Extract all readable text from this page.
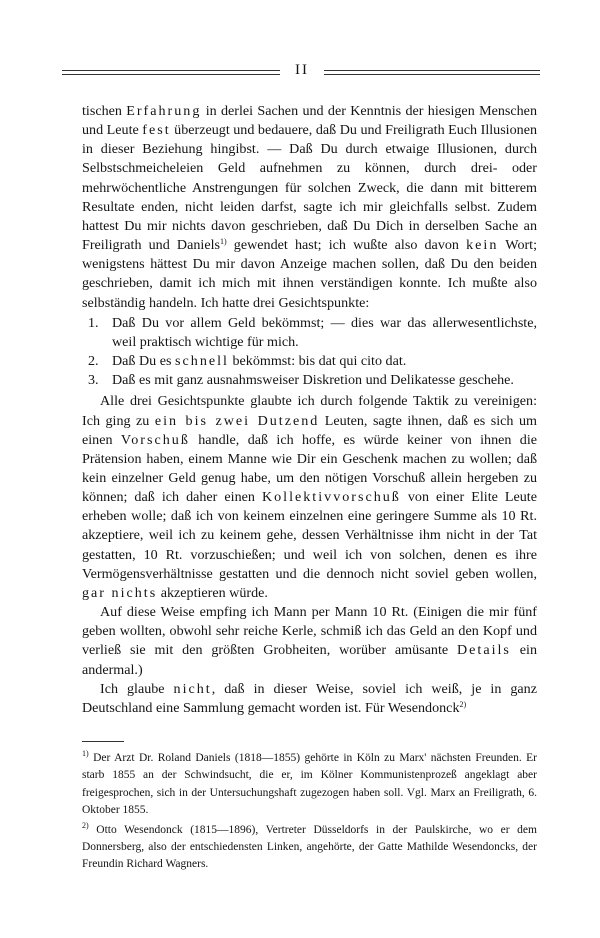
II

tischen Erfahrung in derlei Sachen und der Kenntnis der hiesigen Menschen und Leute fest überzeugt und bedauere, daß Du und Freiligrath Euch Illusionen in dieser Beziehung hingibst. — Daß Du durch etwaige Illusionen, durch Selbstschmeicheleien Geld aufnehmen zu können, durch drei- oder mehrwöchentliche Anstrengungen für solchen Zweck, die dann mit bitterem Resultate enden, nicht leiden darfst, sagte ich mir gleichfalls selbst. Zudem hattest Du mir nichts davon geschrieben, daß Du Dich in derselben Sache an Freiligrath und Daniels$^{1)}$ gewendet hast; ich wußte also davon kein Wort; wenigstens hättest Du mir davon Anzeige machen sollen, daß Du den beiden geschrieben, damit ich mich mit ihnen verständigen konnte. Ich mußte also selbständig handeln. Ich hatte drei Gesichtspunkte:

1. Daß Du vor allem Geld bekömmst; — dies war das allerwesentlichste, weil praktisch wichtige für mich.
2. Daß Du es schnell bekömmst: bis dat qui cito dat.
3. Daß es mit ganz ausnahmsweiser Diskretion und Delikatesse geschehe.

Alle drei Gesichtspunkte glaubte ich durch folgende Taktik zu vereinigen: Ich ging zu ein bis zwei Dutzend Leuten, sagte ihnen, daß es sich um einen Vorschuß handle, daß ich hoffe, es würde keiner von ihnen die Prätension haben, einem Manne wie Dir ein Geschenk machen zu wollen; daß kein einzelner Geld genug habe, um den nötigen Vorschuß allein hergeben zu können; daß ich daher einen Kollektivvorschuß von einer Elite Leute erheben wolle; daß ich von keinem einzelnen eine geringere Summe als 10 Rt. akzeptiere, weil ich zu keinem gehe, dessen Verhältnisse ihm nicht in der Tat gestatten, 10 Rt. vorzuschießen; und weil ich von solchen, denen es ihre Vermögensverhältnisse gestatten und die dennoch nicht soviel geben wollen, gar nichts akzeptieren würde.

Auf diese Weise empfing ich Mann per Mann 10 Rt. (Einigen die mir fünf geben wollten, obwohl sehr reiche Kerle, schmiß ich das Geld an den Kopf und verließ sie mit den größten Grobheiten, worüber amüsante Details ein andermal.)

Ich glaube nicht, daß in dieser Weise, soviel ich weiß, je in ganz Deutschland eine Sammlung gemacht worden ist. Für Wesendonck$^{2)}$

$^{1)}$ Der Arzt Dr. Roland Daniels (1818—1855) gehörte in Köln zu Marx' nächsten Freunden. Er starb 1855 an der Schwindsucht, die er, im Kölner Kommunistenprozeß angeklagt aber freigesprochen, sich in der Untersuchungshaft zugezogen haben soll. Vgl. Marx an Freiligrath, 6. Oktober 1855.

$^{2)}$ Otto Wesendonck (1815—1896), Vertreter Düsseldorfs in der Paulskirche, wo er dem Donnersberg, also der entschiedensten Linken, angehörte, der Gatte Mathilde Wesendoncks, der Freundin Richard Wagners.
